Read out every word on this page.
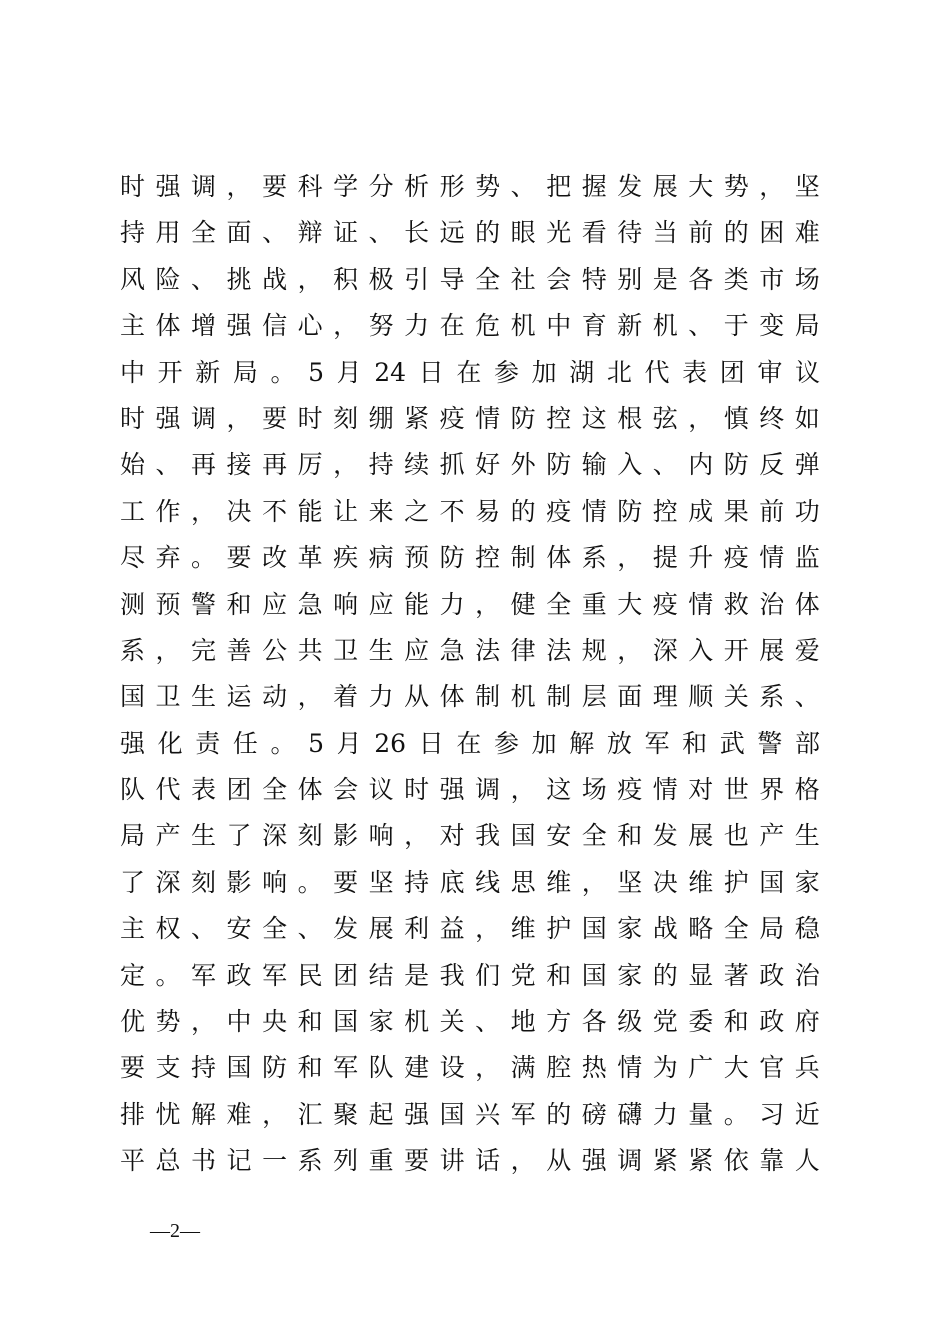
时 强 调 ， 要 科 学 分 析 形 势 、 把 握 发 展 大 势 ， 坚
持 用 全 面 、 辩 证 、 长 远 的 眼 光 看 待 当 前 的 困 难
风 险 、 挑 战 ， 积 极 引 导 全 社 会 特 别 是 各 类 市 场
主 体 增 强 信 心 ， 努 力 在 危 机 中 育 新 机 、 于 变 局
中 开 新 局 。 5 月 24 日 在 参 加 湖 北 代 表 团 审 议
时 强 调 ， 要 时 刻 绷 紧 疫 情 防 控 这 根 弦 ， 慎 终 如
始 、 再 接 再 厉 ， 持 续 抓 好 外 防 输 入 、 内 防 反 弹
工 作 ， 决 不 能 让 来 之 不 易 的 疫 情 防 控 成 果 前 功
尽 弃 。 要 改 革 疾 病 预 防 控 制 体 系 ， 提 升 疫 情 监
测 预 警 和 应 急 响 应 能 力 ， 健 全 重 大 疫 情 救 治 体
系 ， 完 善 公 共 卫 生 应 急 法 律 法 规 ， 深 入 开 展 爱
国 卫 生 运 动 ， 着 力 从 体 制 机 制 层 面 理 顺 关 系 、
强 化 责 任 。 5 月 26 日 在 参 加 解 放 军 和 武 警 部
队 代 表 团 全 体 会 议 时 强 调 ， 这 场 疫 情 对 世 界 格
局 产 生 了 深 刻 影 响 ， 对 我 国 安 全 和 发 展 也 产 生
了 深 刻 影 响 。 要 坚 持 底 线 思 维 ， 坚 决 维 护 国 家
主 权 、 安 全 、 发 展 利 益 ， 维 护 国 家 战 略 全 局 稳
定 。 军 政 军 民 团 结 是 我 们 党 和 国 家 的 显 著 政 治
优 势 ， 中 央 和 国 家 机 关 、 地 方 各 级 党 委 和 政 府
要 支 持 国 防 和 军 队 建 设 ， 满 腔 热 情 为 广 大 官 兵
排 忧 解 难 ， 汇 聚 起 强 国 兴 军 的 磅 礴 力 量 。 习 近
平 总 书 记 一 系 列 重 要 讲 话 ， 从 强 调 紧 紧 依 靠 人
—2—
